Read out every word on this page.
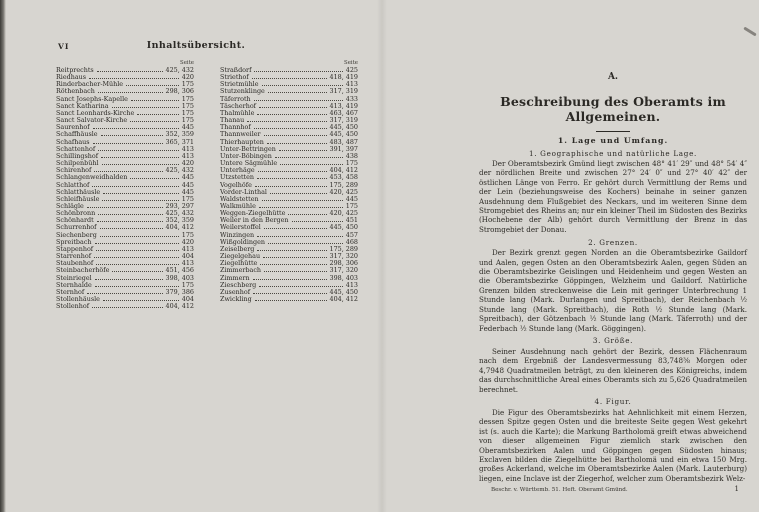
VI	Inhaltsübersicht.
Seite
Reitprechts	425, 432
Riedhaus	420
Rinderbacher-Mühle	175
Röthenbach	298, 306
Sanct Josephs-Kapelle	175
Sanct Katharina	175
Sanct Leonhards-Kirche	175
Sanct Salvator-Kirche	175
Saurenhof	445
Schaffhäusle	352, 359
Schafhaus	365, 371
Schattenhof	413
Schillingshof	413
Schilpenbühl	420
Schirenhof	425, 432
Schlangenweidhalden	445
Schlatthof	445
Schlatthäusle	445
Schleifhäusle	175
Schlägle	293, 297
Schönbronn	425, 432
Schönhardt	352, 359
Schurrenhof	404, 412
Siechenberg	175
Spreitbach	420
Stappenhof	413
Starrenhof	404
Staubenhof	413
Steinbacherhöfe	451, 456
Steinriegel	398, 403
Sternhalde	175
Sternhof	379, 386
Stollenhäusle	404
Stollenhof	404, 412
Seite
Straßdorf	425
Striethof	418, 419
Strietmühle	413
Stutzenklinge	317, 319
Täferroth	433
Täscherhof	413, 419
Thalmühle	463, 467
Thanau	317, 319
Thannhof	445, 450
Thannweiler	445, 450
Thierhaupten	483, 487
Unter-Bettringen	391, 397
Unter-Böbingen	438
Untere Sägmühle	175
Unterhäge	404, 412
Utzstetten	453, 458
Vogelhöfe	175, 289
Vorder-Linthal	420, 425
Waldstetten	445
Walkmühle	175
Weggen-Ziegelhütte	420, 425
Weiler in den Bergen	451
Weilerstoffel	445, 450
Winzingen	457
Wißgoldingen	468
Zeiselberg	175, 289
Ziegelgehau	317, 320
Ziegelhütte	298, 306
Zimmerbach	317, 320
Zimmern	398, 403
Zieschberg	413
Zusenhof	445, 450
Zwickling	404, 412
A.
Beschreibung des Oberamts im Allgemeinen.
1. Lage und Umfang.
1. Geographische und natürliche Lage.
Der Oberamtsbezirk Gmünd liegt zwischen 48° 41′ 29″ und 48° 54′ 4″ der nördlichen Breite und zwischen 27° 24′ 0″ und 27° 40′ 42″ der östlichen Länge von Ferro. Er gehört durch Vermittlung der Rems und der Lein (beziehungsweise des Kochers) beinahe in seiner ganzen Ausdehnung dem Flußgebiet des Neckars, und im weiteren Sinne dem Stromgebiet des Rheins an; nur ein kleiner Theil im Südosten des Bezirks (Hochebene der Alb) gehört durch Vermittlung der Brenz in das Stromgebiet der Donau.
2. Grenzen.
Der Bezirk grenzt gegen Norden an die Oberamtsbezirke Gaildorf und Aalen, gegen Osten an den Oberamtsbezirk Aalen, gegen Süden an die Oberamtsbezirke Geislingen und Heidenheim und gegen Westen an die Oberamtsbezirke Göppingen, Welzheim und Gaildorf. Natürliche Grenzen bilden streckenweise die Lein mit geringer Unterbrechung 1 Stunde lang (Mark. Durlangen und Spreitbach), der Reichenbach ½ Stunde lang (Mark. Spreitbach), die Roth ½ Stunde lang (Mark. Spreitbach), der Götzenbach ½ Stunde lang (Mark. Täferroth) und der Federbach ½ Stunde lang (Mark. Göggingen).
3. Größe.
Seiner Ausdehnung nach gehört der Bezirk, dessen Flächenraum nach dem Ergebniß der Landesvermessung 83,748⅜ Morgen oder 4,7948 Quadratmeilen beträgt, zu den kleineren des Königreichs, indem das durchschnittliche Areal eines Oberamts sich zu 5,626 Quadratmeilen berechnet.
4. Figur.
Die Figur des Oberamtsbezirks hat Aehnlichkeit mit einem Herzen, dessen Spitze gegen Osten und die breiteste Seite gegen West gekehrt ist (s. auch die Karte); die Markung Bartholomä greift etwas abweichend von dieser allgemeinen Figur ziemlich stark zwischen den Oberamtsbezirken Aalen und Göppingen gegen Südosten hinaus; Exclaven bilden die Ziegelhütte bei Bartholomä und ein etwa 150 Mrg. großes Ackerland, welche im Oberamtsbezirke Aalen (Mark. Lauterburg) liegen, eine Inclave ist der Ziegerhof, welcher zum Oberamtsbezirk Welz-
Beschr. v. Württemb. 51. Heft. Oberamt Gmünd.	1
